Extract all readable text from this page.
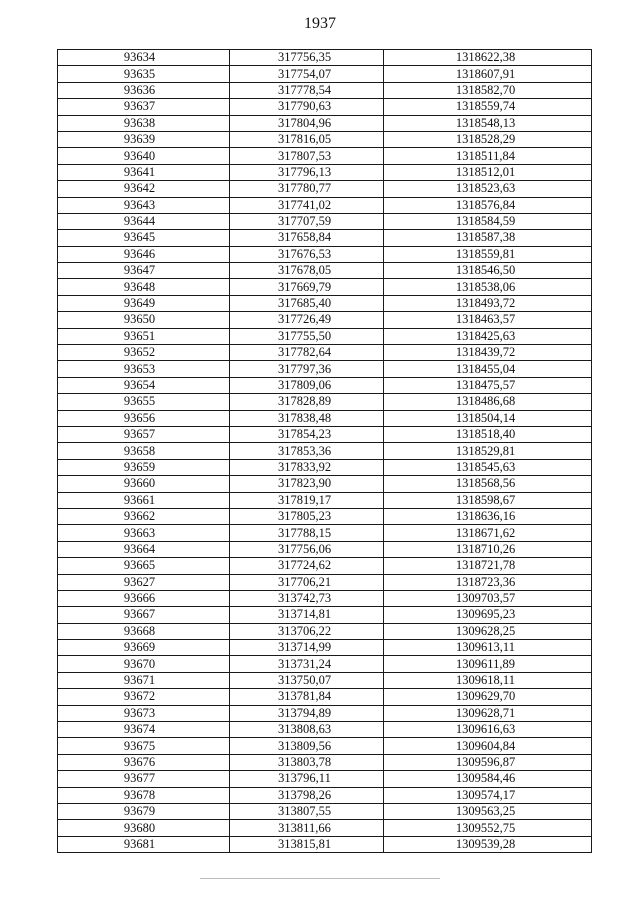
1937
93634	317756,35	1318622,38
93635	317754,07	1318607,91
93636	317778,54	1318582,70
93637	317790,63	1318559,74
93638	317804,96	1318548,13
93639	317816,05	1318528,29
93640	317807,53	1318511,84
93641	317796,13	1318512,01
93642	317780,77	1318523,63
93643	317741,02	1318576,84
93644	317707,59	1318584,59
93645	317658,84	1318587,38
93646	317676,53	1318559,81
93647	317678,05	1318546,50
93648	317669,79	1318538,06
93649	317685,40	1318493,72
93650	317726,49	1318463,57
93651	317755,50	1318425,63
93652	317782,64	1318439,72
93653	317797,36	1318455,04
93654	317809,06	1318475,57
93655	317828,89	1318486,68
93656	317838,48	1318504,14
93657	317854,23	1318518,40
93658	317853,36	1318529,81
93659	317833,92	1318545,63
93660	317823,90	1318568,56
93661	317819,17	1318598,67
93662	317805,23	1318636,16
93663	317788,15	1318671,62
93664	317756,06	1318710,26
93665	317724,62	1318721,78
93627	317706,21	1318723,36
93666	313742,73	1309703,57
93667	313714,81	1309695,23
93668	313706,22	1309628,25
93669	313714,99	1309613,11
93670	313731,24	1309611,89
93671	313750,07	1309618,11
93672	313781,84	1309629,70
93673	313794,89	1309628,71
93674	313808,63	1309616,63
93675	313809,56	1309604,84
93676	313803,78	1309596,87
93677	313796,11	1309584,46
93678	313798,26	1309574,17
93679	313807,55	1309563,25
93680	313811,66	1309552,75
93681	313815,81	1309539,28
